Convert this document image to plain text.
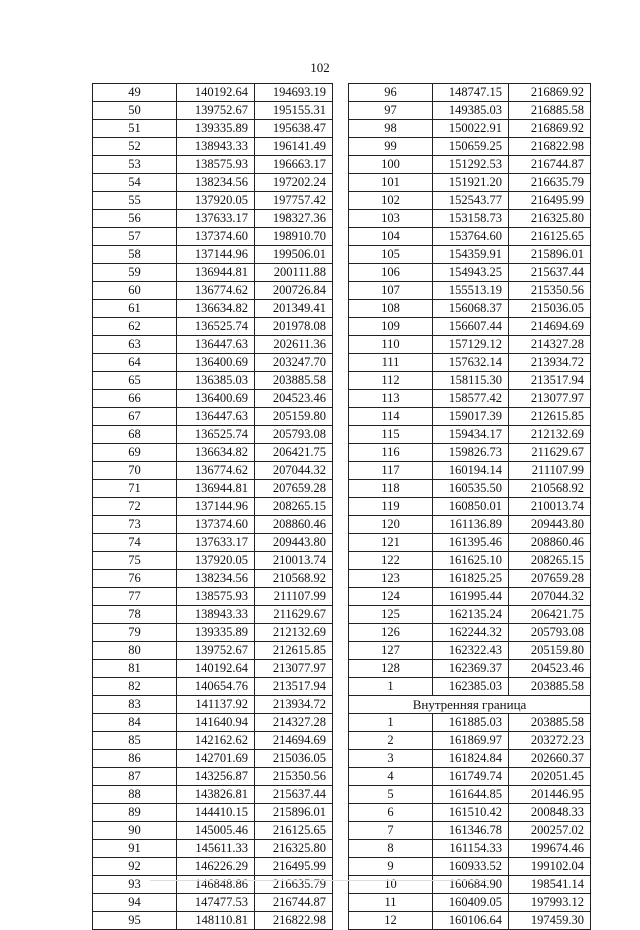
102
49	140192.64	194693.19
50	139752.67	195155.31
51	139335.89	195638.47
52	138943.33	196141.49
53	138575.93	196663.17
54	138234.56	197202.24
55	137920.05	197757.42
56	137633.17	198327.36
57	137374.60	198910.70
58	137144.96	199506.01
59	136944.81	200111.88
60	136774.62	200726.84
61	136634.82	201349.41
62	136525.74	201978.08
63	136447.63	202611.36
64	136400.69	203247.70
65	136385.03	203885.58
66	136400.69	204523.46
67	136447.63	205159.80
68	136525.74	205793.08
69	136634.82	206421.75
70	136774.62	207044.32
71	136944.81	207659.28
72	137144.96	208265.15
73	137374.60	208860.46
74	137633.17	209443.80
75	137920.05	210013.74
76	138234.56	210568.92
77	138575.93	211107.99
78	138943.33	211629.67
79	139335.89	212132.69
80	139752.67	212615.85
81	140192.64	213077.97
82	140654.76	213517.94
83	141137.92	213934.72
84	141640.94	214327.28
85	142162.62	214694.69
86	142701.69	215036.05
87	143256.87	215350.56
88	143826.81	215637.44
89	144410.15	215896.01
90	145005.46	216125.65
91	145611.33	216325.80
92	146226.29	216495.99
93	146848.86	216635.79
94	147477.53	216744.87
95	148110.81	216822.98
96	148747.15	216869.92
97	149385.03	216885.58
98	150022.91	216869.92
99	150659.25	216822.98
100	151292.53	216744.87
101	151921.20	216635.79
102	152543.77	216495.99
103	153158.73	216325.80
104	153764.60	216125.65
105	154359.91	215896.01
106	154943.25	215637.44
107	155513.19	215350.56
108	156068.37	215036.05
109	156607.44	214694.69
110	157129.12	214327.28
111	157632.14	213934.72
112	158115.30	213517.94
113	158577.42	213077.97
114	159017.39	212615.85
115	159434.17	212132.69
116	159826.73	211629.67
117	160194.14	211107.99
118	160535.50	210568.92
119	160850.01	210013.74
120	161136.89	209443.80
121	161395.46	208860.46
122	161625.10	208265.15
123	161825.25	207659.28
124	161995.44	207044.32
125	162135.24	206421.75
126	162244.32	205793.08
127	162322.43	205159.80
128	162369.37	204523.46
1	162385.03	203885.58
Внутренняя граница		
1	161885.03	203885.58
2	161869.97	203272.23
3	161824.84	202660.37
4	161749.74	202051.45
5	161644.85	201446.95
6	161510.42	200848.33
7	161346.78	200257.02
8	161154.33	199674.46
9	160933.52	199102.04
10	160684.90	198541.14
11	160409.05	197993.12
12	160106.64	197459.30
